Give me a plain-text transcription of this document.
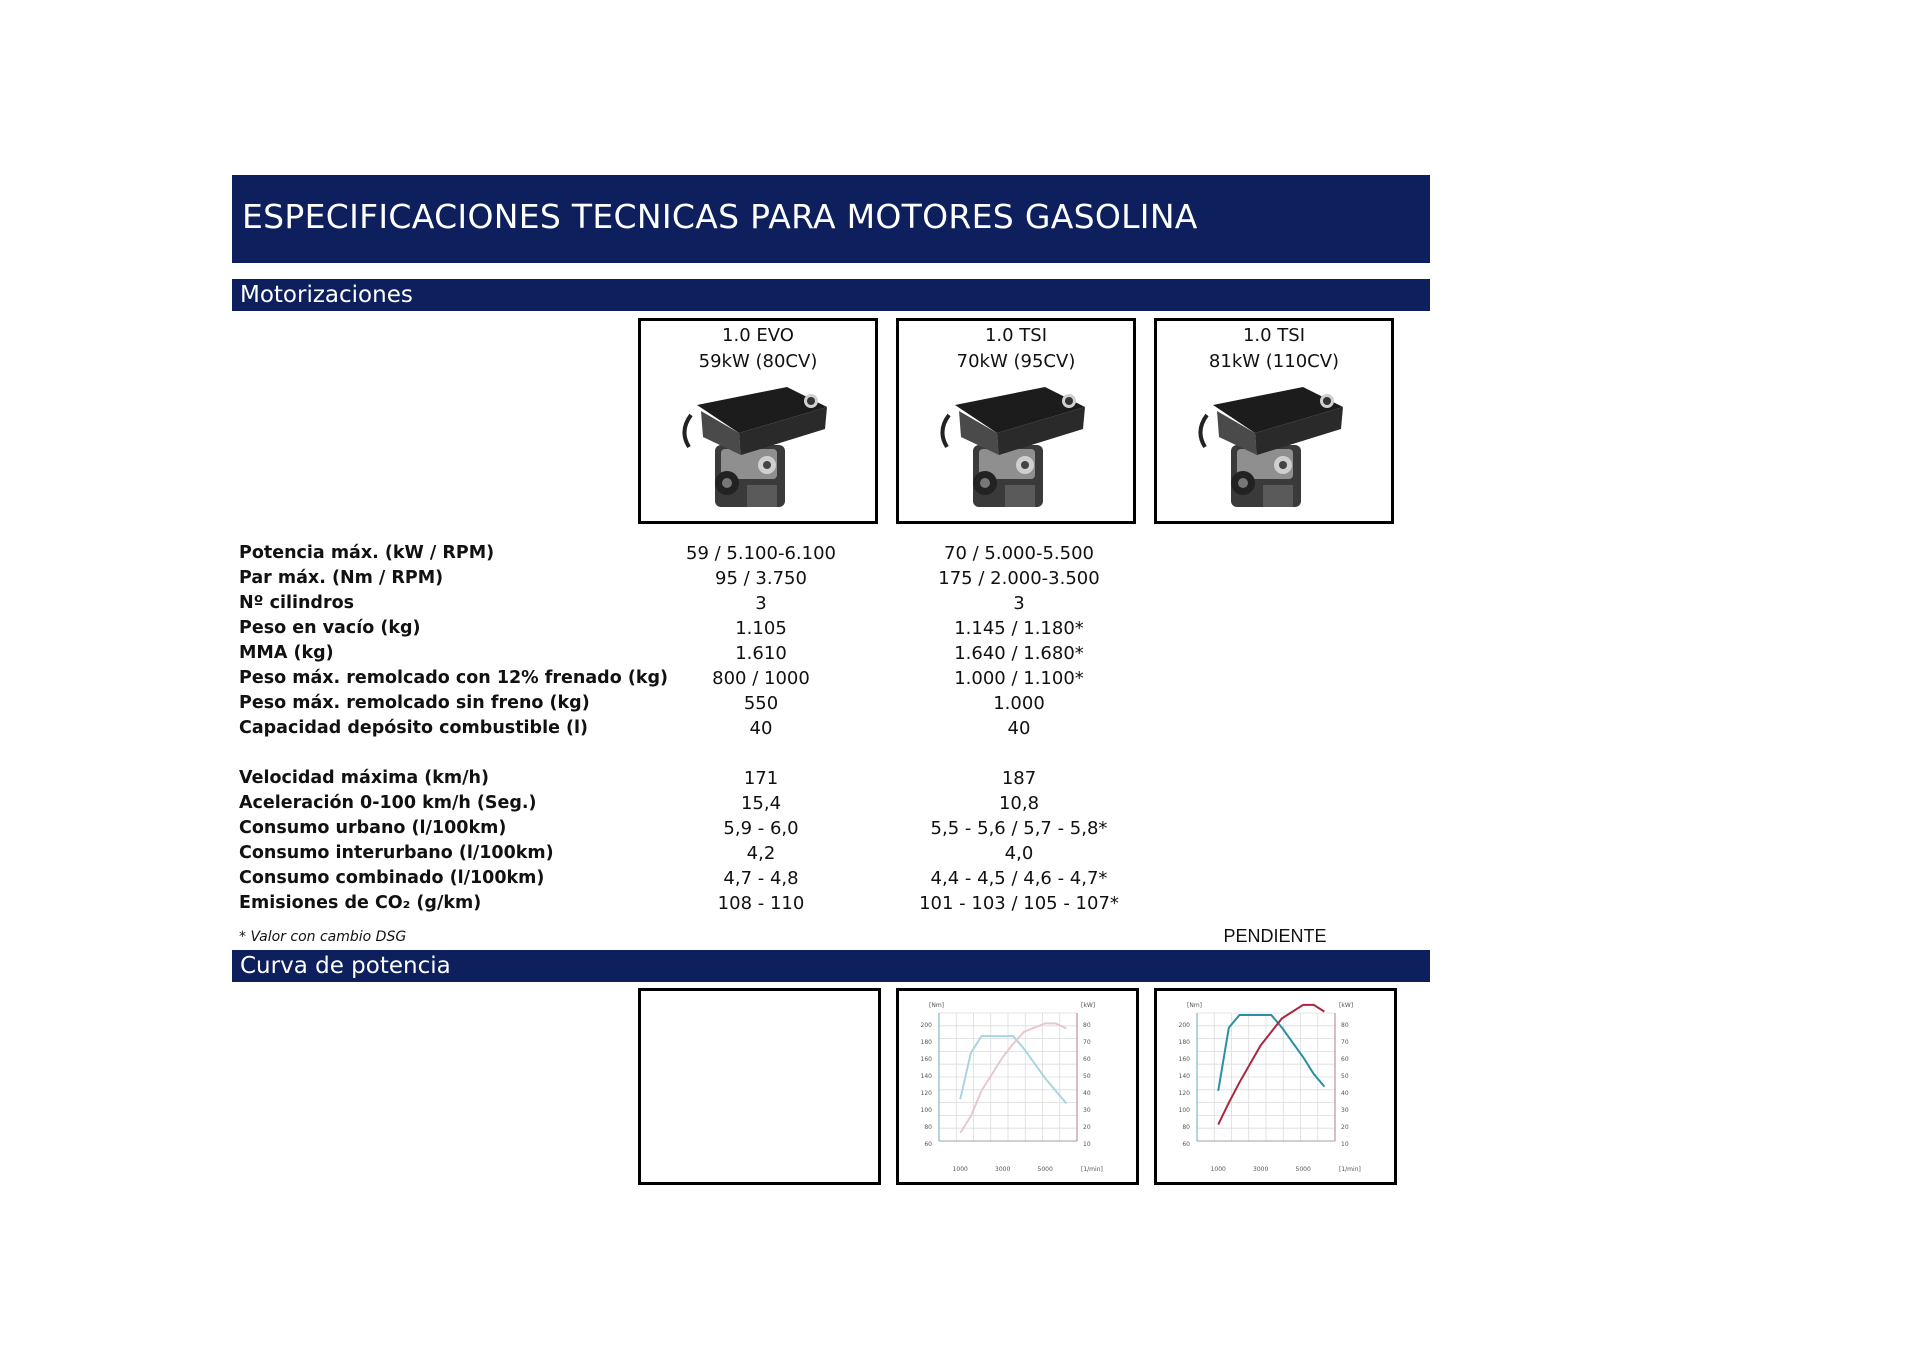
ESPECIFICACIONES TECNICAS PARA MOTORES GASOLINA
Motorizaciones
1.0 EVO
59kW (80CV)
1.0 TSI
70kW (95CV)
1.0 TSI
81kW (110CV)
Potencia máx. (kW / RPM)	59 / 5.100-6.100	70 / 5.000-5.500
Par máx. (Nm / RPM)	95 / 3.750	175 / 2.000-3.500
Nº cilindros	3	3
Peso en vacío (kg)	1.105	1.145 / 1.180*
MMA (kg)	1.610	1.640 / 1.680*
Peso máx. remolcado con 12% frenado (kg)	800 / 1000	1.000 / 1.100*
Peso máx. remolcado sin freno (kg)	550	1.000
Capacidad depósito combustible (l)	40	40
Velocidad máxima (km/h)	171	187
Aceleración 0-100 km/h (Seg.)	15,4	10,8
Consumo urbano (l/100km)	5,9 - 6,0	5,5 - 5,6 / 5,7 - 5,8*
Consumo interurbano (l/100km)	4,2	4,0
Consumo combinado (l/100km)	4,7 - 4,8	4,4 - 4,5 / 4,6 - 4,7*
Emisiones de CO₂ (g/km)	108 - 110	101 - 103 / 105 - 107*
* Valor con cambio DSG	PENDIENTE
Curva de potencia
[Nm]	[kW]
[1/min]
200
180
160
140
120
100
80
60
80
70
60
50
40
30
20
10
1000	3000	5000
[Nm]	[kW]
[1/min]
200
180
160
140
120
100
80
60
80
70
60
50
40
30
20
10
1000	3000	5000
